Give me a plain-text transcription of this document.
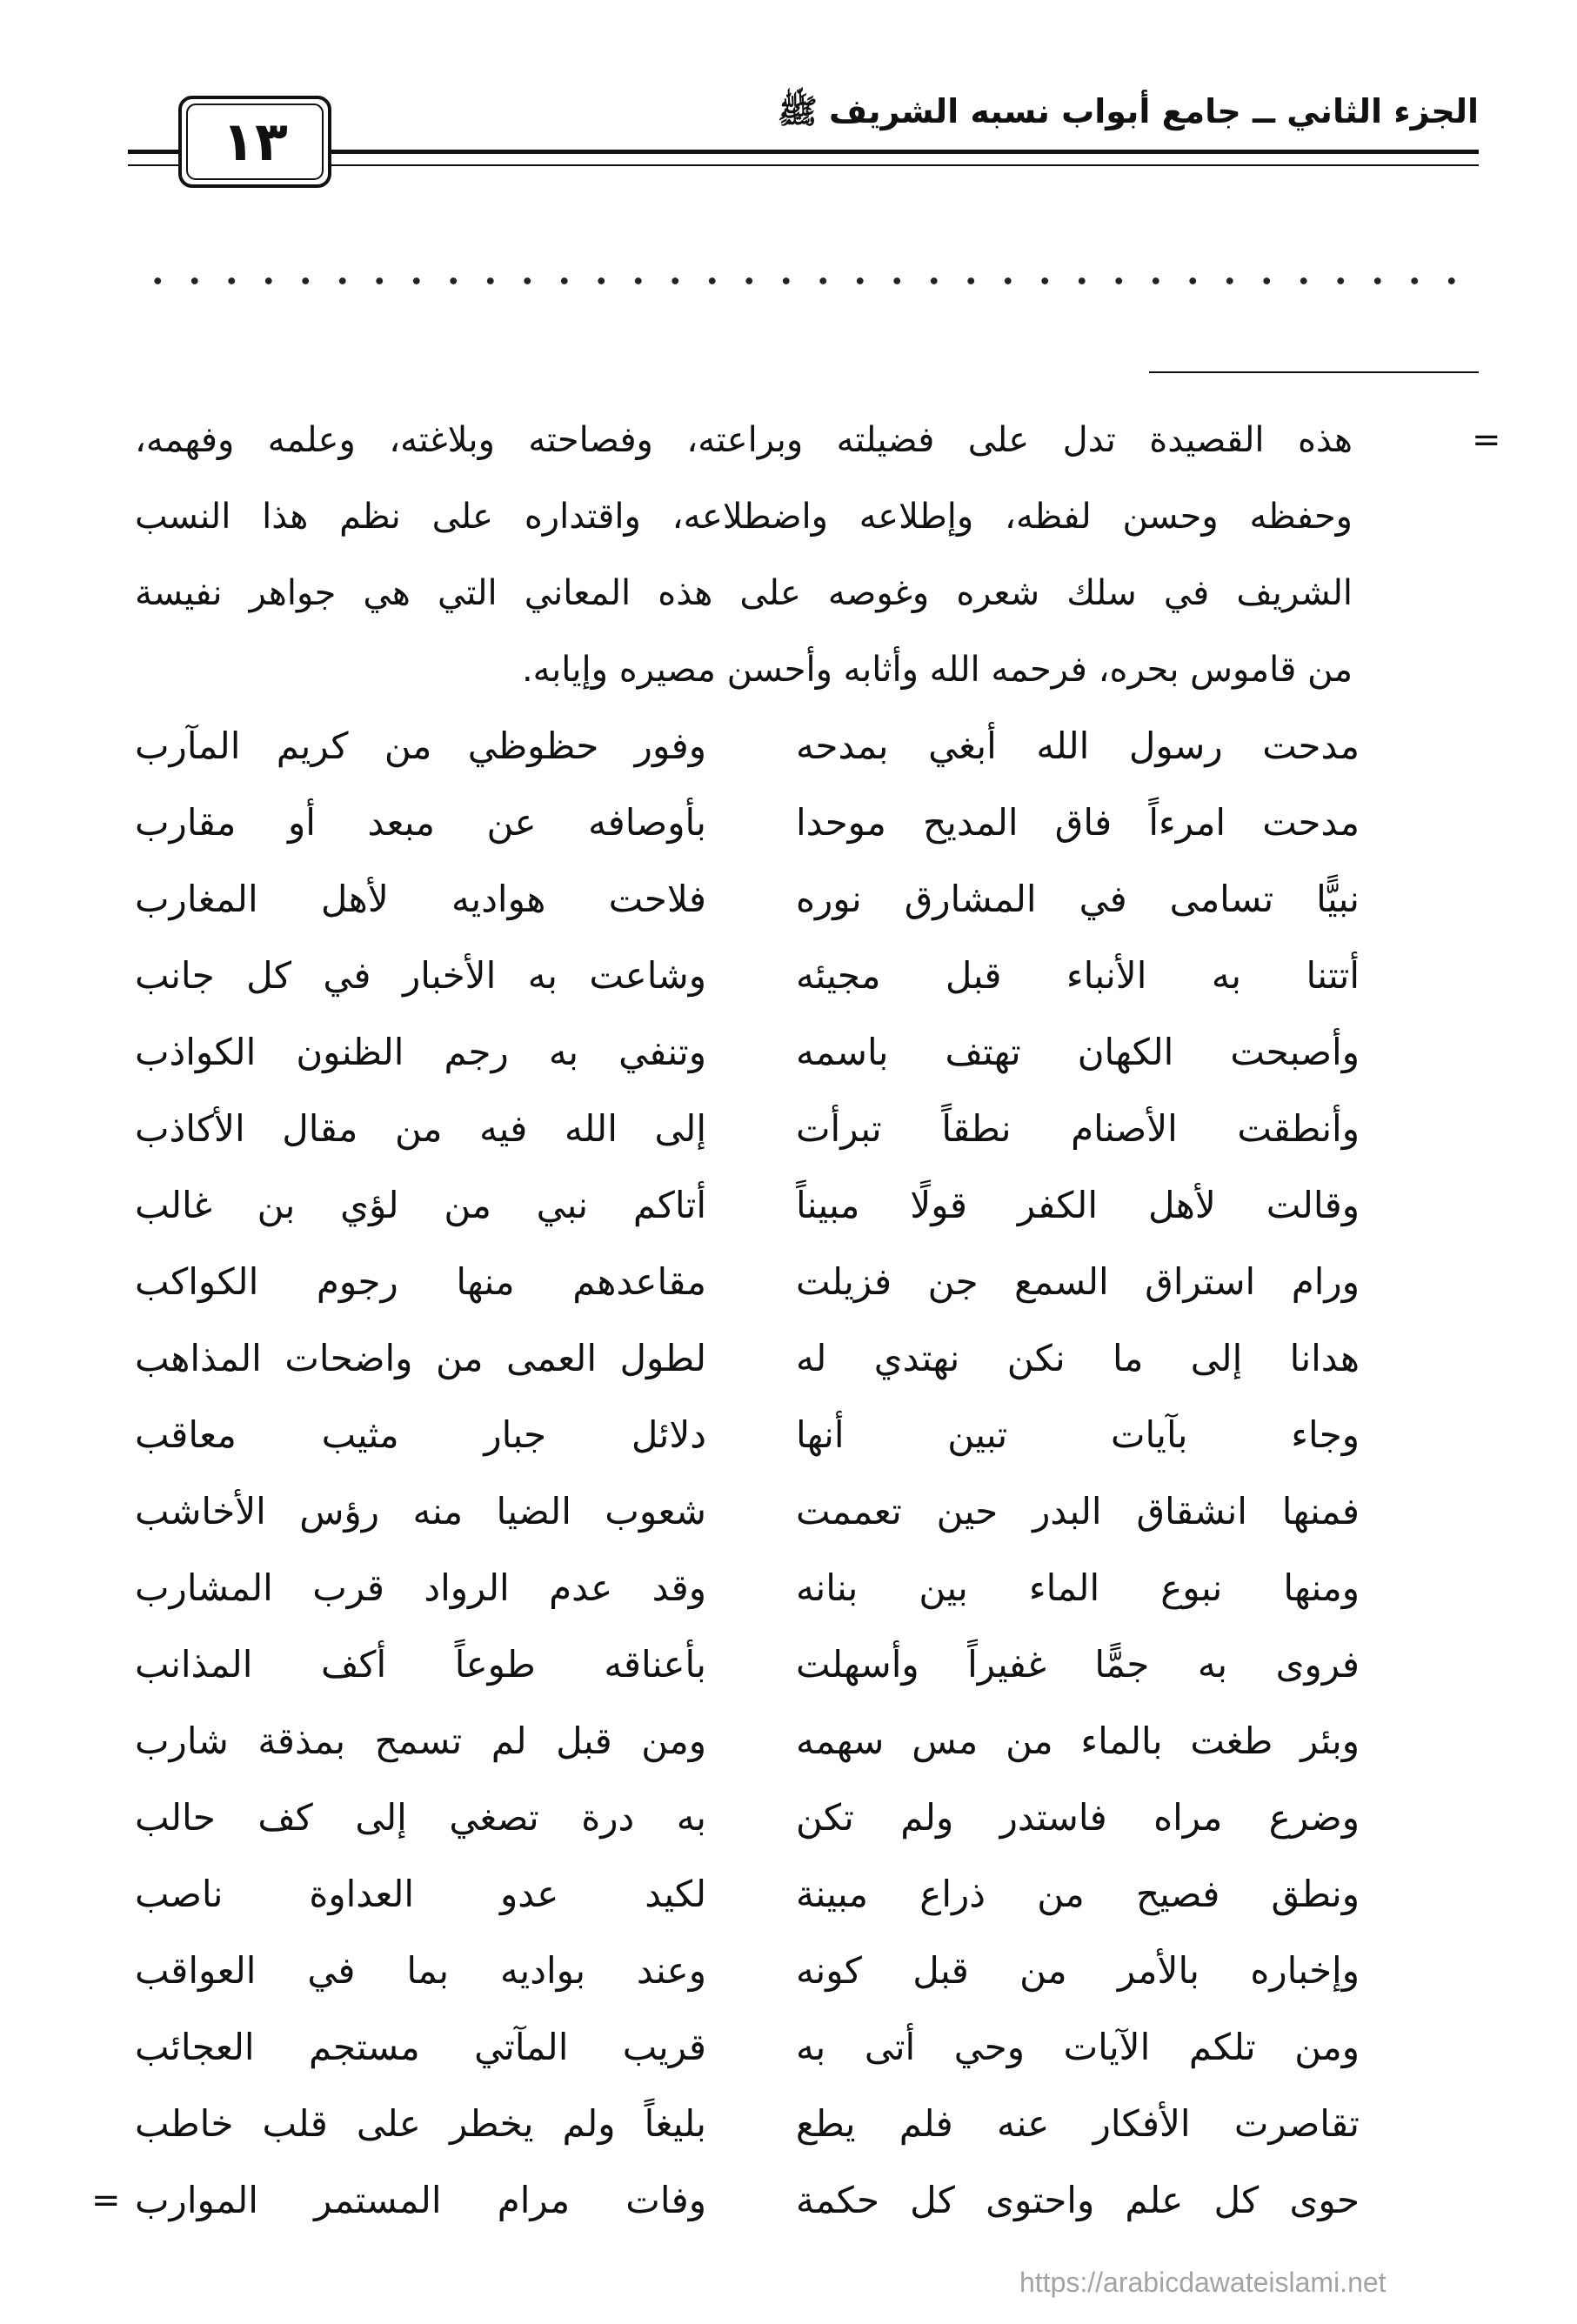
الجزء الثاني ــ جامع أبواب نسبه الشريف ﷺ
١٣
=
هذه القصيدة تدل على فضيلته وبراعته، وفصاحته وبلاغته، وعلمه وفهمه،
وحفظه وحسن لفظه، وإطلاعه واضطلاعه، واقتداره على نظم هذا النسب
الشريف في سلك شعره وغوصه على هذه المعاني التي هي جواهر نفيسة
من قاموس بحره، فرحمه الله وأثابه وأحسن مصيره وإيابه.
مدحت رسول الله أبغي بمدحه
وفور حظوظي من كريم المآرب
مدحت امرءاً فاق المديح موحدا
بأوصافه عن مبعد أو مقارب
نبيًّا تسامى في المشارق نوره
فلاحت هواديه لأهل المغارب
أتتنا به الأنباء قبل مجيئه
وشاعت به الأخبار في كل جانب
وأصبحت الكهان تهتف باسمه
وتنفي به رجم الظنون الكواذب
وأنطقت الأصنام نطقاً تبرأت
إلى الله فيه من مقال الأكاذب
وقالت لأهل الكفر قولًا مبيناً
أتاكم نبي من لؤي بن غالب
ورام استراق السمع جن فزيلت
مقاعدهم منها رجوم الكواكب
هدانا إلى ما نكن نهتدي له
لطول العمى من واضحات المذاهب
وجاء بآيات تبين أنها
دلائل جبار مثيب معاقب
فمنها انشقاق البدر حين تعممت
شعوب الضيا منه رؤس الأخاشب
ومنها نبوع الماء بين بنانه
وقد عدم الرواد قرب المشارب
فروى به جمًّا غفيراً وأسهلت
بأعناقه طوعاً أكف المذانب
وبئر طغت بالماء من مس سهمه
ومن قبل لم تسمح بمذقة شارب
وضرع مراه فاستدر ولم تكن
به درة تصغي إلى كف حالب
ونطق فصيح من ذراع مبينة
لكيد عدو العداوة ناصب
وإخباره بالأمر من قبل كونه
وعند بواديه بما في العواقب
ومن تلكم الآيات وحي أتى به
قريب المآتي مستجم العجائب
تقاصرت الأفكار عنه فلم يطع
بليغاً ولم يخطر على قلب خاطب
حوى كل علم واحتوى كل حكمة
وفات مرام المستمر الموارب
=
https://arabicdawateislami.net
